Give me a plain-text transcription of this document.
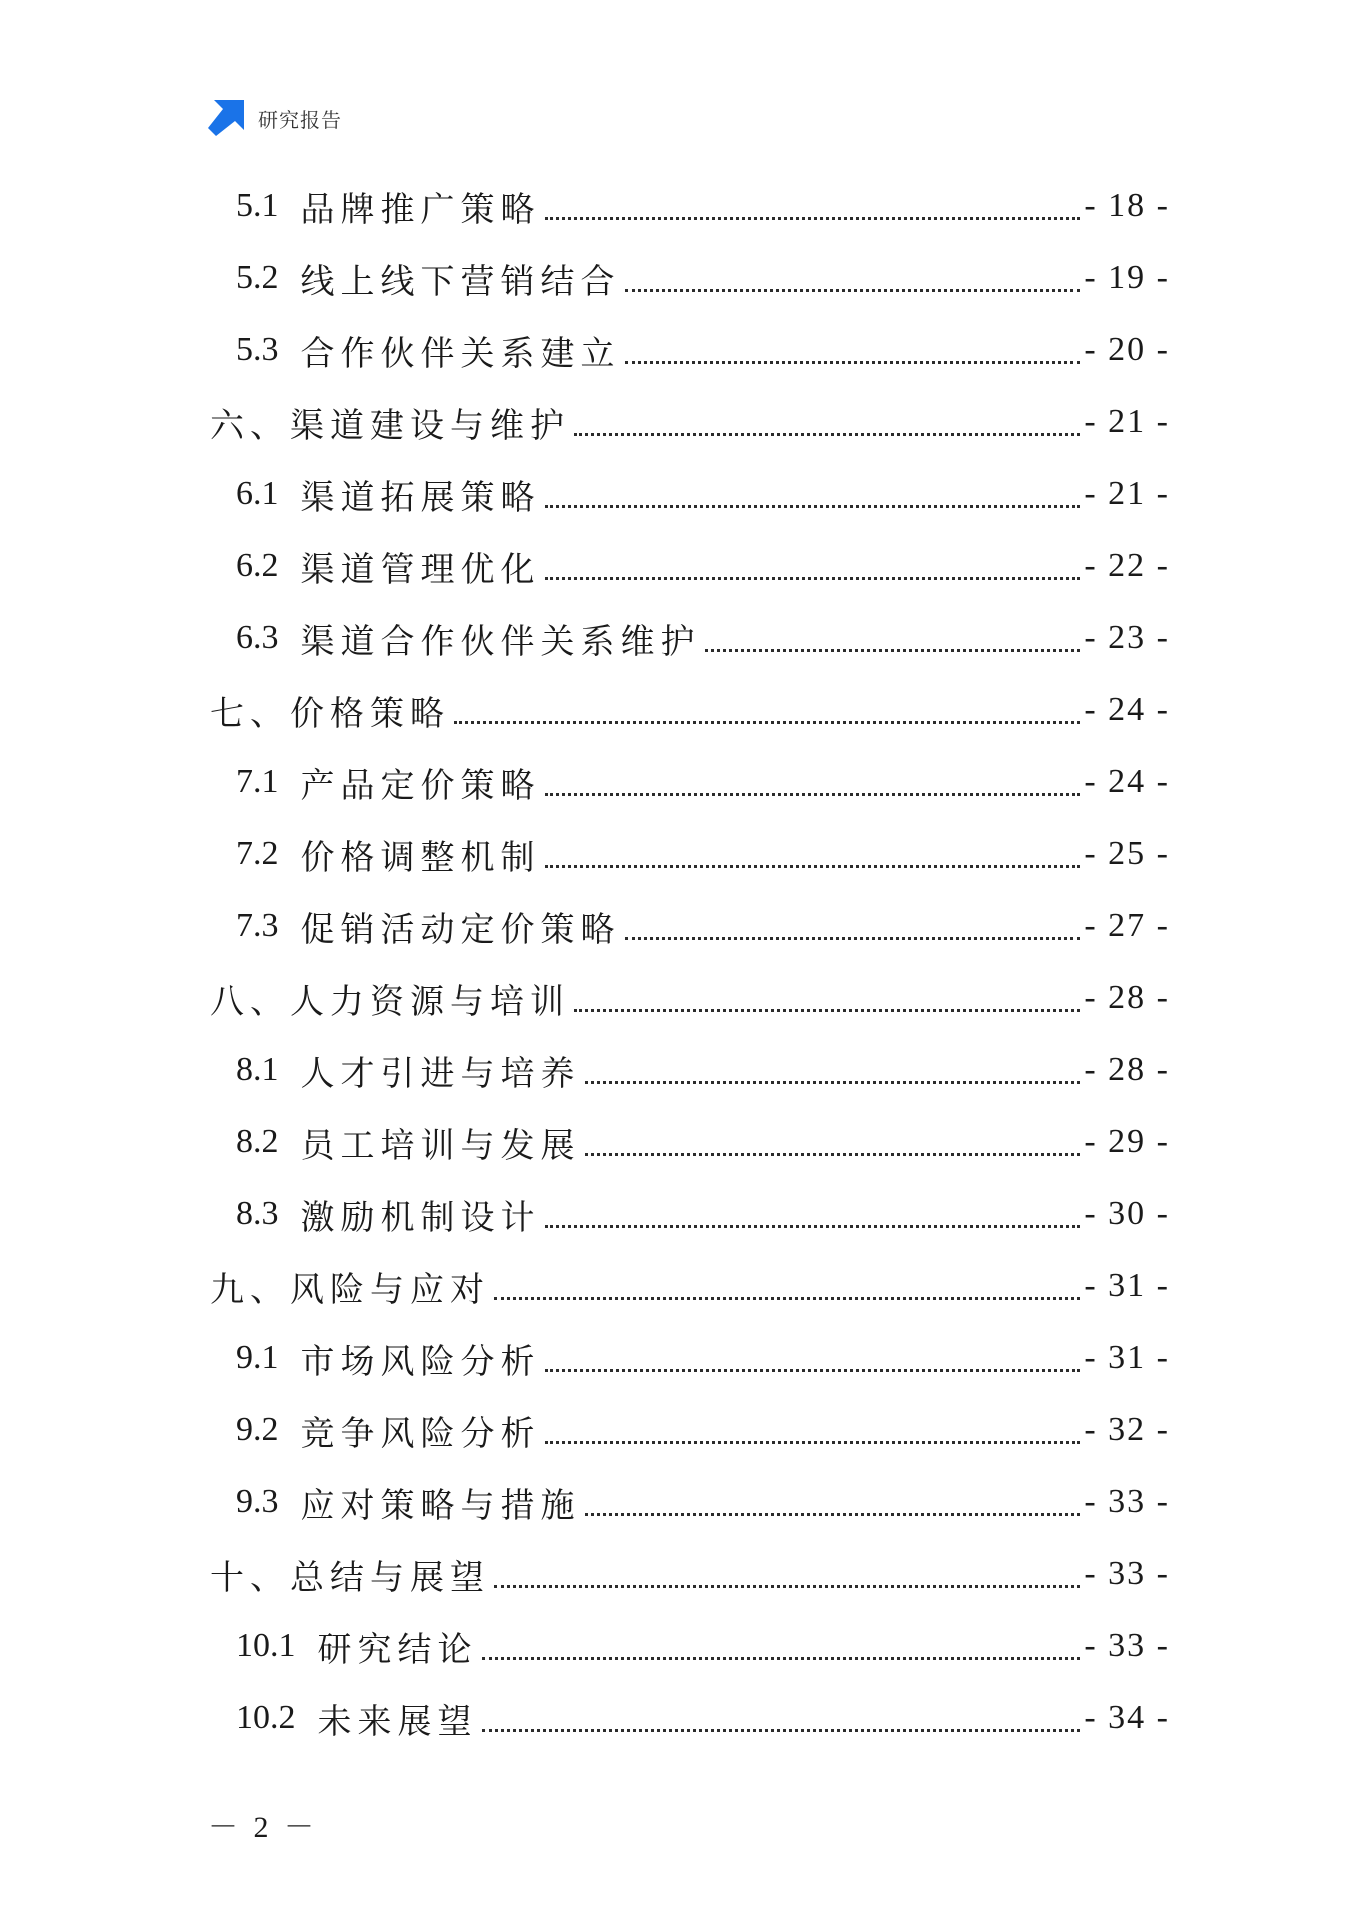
研究报告
5.1 品牌推广策略	- 18 -
5.2 线上线下营销结合	- 19 -
5.3 合作伙伴关系建立	- 20 -
六、渠道建设与维护	- 21 -
6.1 渠道拓展策略	- 21 -
6.2 渠道管理优化	- 22 -
6.3 渠道合作伙伴关系维护	- 23 -
七、价格策略	- 24 -
7.1 产品定价策略	- 24 -
7.2 价格调整机制	- 25 -
7.3 促销活动定价策略	- 27 -
八、人力资源与培训	- 28 -
8.1 人才引进与培养	- 28 -
8.2 员工培训与发展	- 29 -
8.3 激励机制设计	- 30 -
九、风险与应对	- 31 -
9.1 市场风险分析	- 31 -
9.2 竞争风险分析	- 32 -
9.3 应对策略与措施	- 33 -
十、总结与展望	- 33 -
10.1 研究结论	- 33 -
10.2 未来展望	- 34 -
－ 2 －
